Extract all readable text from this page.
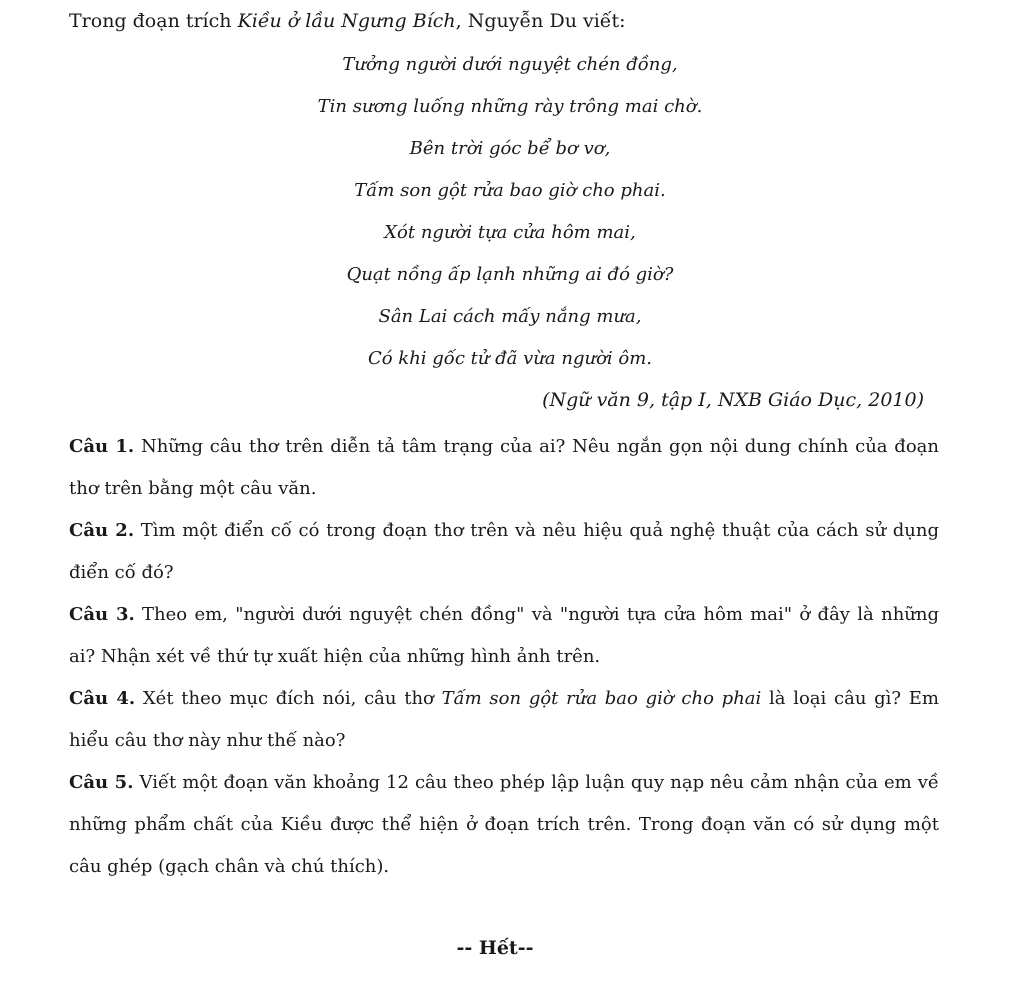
Trong đoạn trích Kiều ở lầu Ngưng Bích, Nguyễn Du viết:
Tưởng người dưới nguyệt chén đồng,
Tin sương luống những rày trông mai chờ.
Bên trời góc bể bơ vơ,
Tấm son gột rửa bao giờ cho phai.
Xót người tựa cửa hôm mai,
Quạt nồng ấp lạnh những ai đó giờ?
Sân Lai cách mấy nắng mưa,
Có khi gốc tử đã vừa người ôm.
(Ngữ văn 9, tập I, NXB Giáo Dục, 2010)

Câu 1. Những câu thơ trên diễn tả tâm trạng của ai? Nêu ngắn gọn nội dung chính của đoạn thơ trên bằng một câu văn.

Câu 2. Tìm một điển cố có trong đoạn thơ trên và nêu hiệu quả nghệ thuật của cách sử dụng điển cố đó?

Câu 3. Theo em, "người dưới nguyệt chén đồng" và "người tựa cửa hôm mai" ở đây là những ai? Nhận xét về thứ tự xuất hiện của những hình ảnh trên.

Câu 4. Xét theo mục đích nói, câu thơ Tấm son gột rửa bao giờ cho phai là loại câu gì? Em hiểu câu thơ này như thế nào?

Câu 5. Viết một đoạn văn khoảng 12 câu theo phép lập luận quy nạp nêu cảm nhận của em về những phẩm chất của Kiều được thể hiện ở đoạn trích trên. Trong đoạn văn có sử dụng một câu ghép (gạch chân và chú thích).

-- Hết--
